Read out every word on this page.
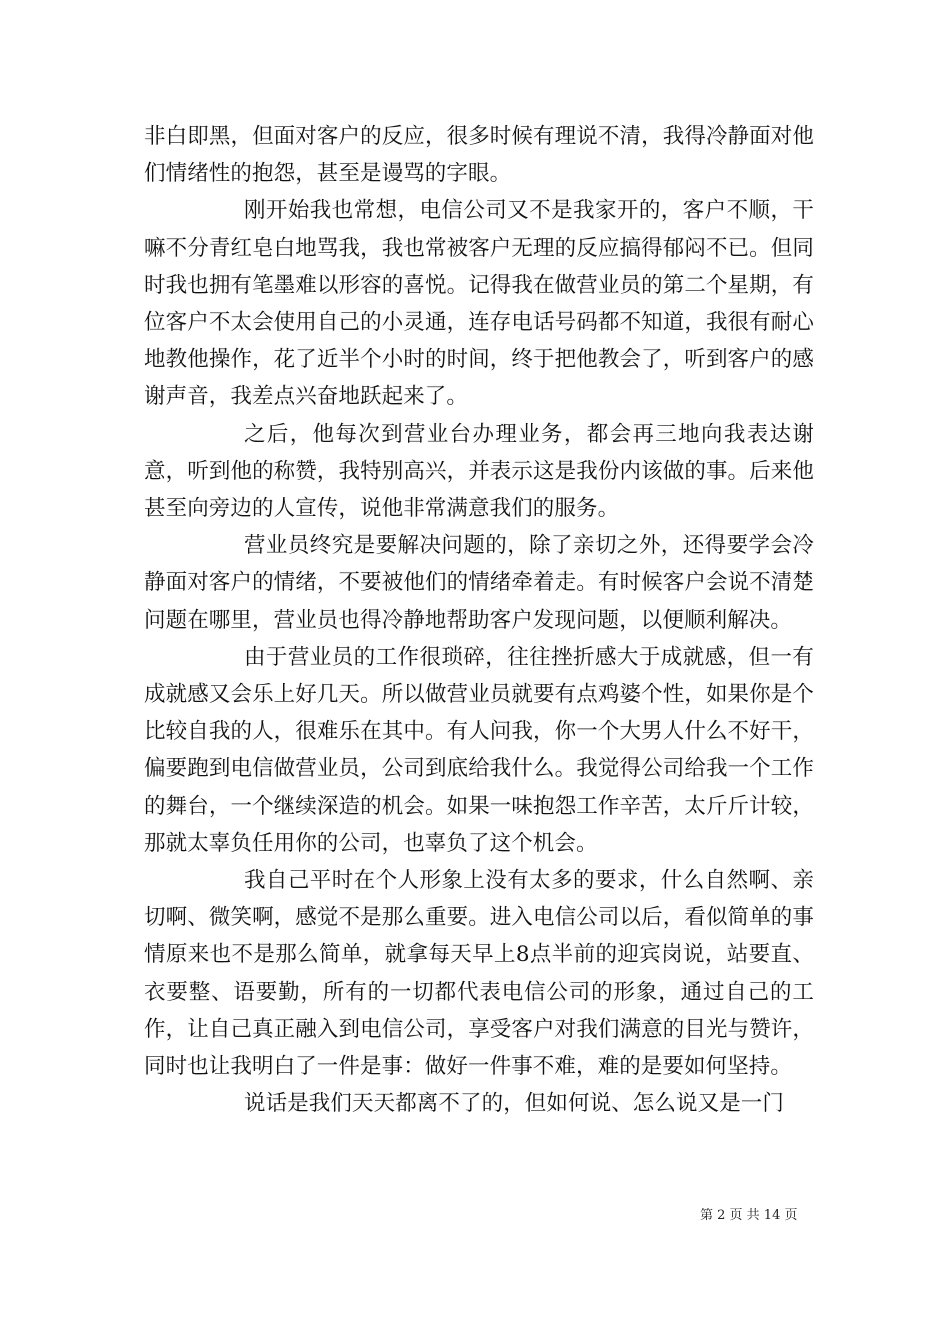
非白即黑，但面对客户的反应，很多时候有理说不清，我得冷静面对他们情绪性的抱怨，甚至是谩骂的字眼。

刚开始我也常想，电信公司又不是我家开的，客户不顺，干嘛不分青红皂白地骂我，我也常被客户无理的反应搞得郁闷不已。但同时我也拥有笔墨难以形容的喜悦。记得我在做营业员的第二个星期，有位客户不太会使用自己的小灵通，连存电话号码都不知道，我很有耐心地教他操作，花了近半个小时的时间，终于把他教会了，听到客户的感谢声音，我差点兴奋地跃起来了。

之后，他每次到营业台办理业务，都会再三地向我表达谢意，听到他的称赞，我特别高兴，并表示这是我份内该做的事。后来他甚至向旁边的人宣传，说他非常满意我们的服务。

营业员终究是要解决问题的，除了亲切之外，还得要学会冷静面对客户的情绪，不要被他们的情绪牵着走。有时候客户会说不清楚问题在哪里，营业员也得冷静地帮助客户发现问题，以便顺利解决。

由于营业员的工作很琐碎，往往挫折感大于成就感，但一有成就感又会乐上好几天。所以做营业员就要有点鸡婆个性，如果你是个比较自我的人，很难乐在其中。有人问我，你一个大男人什么不好干，偏要跑到电信做营业员，公司到底给我什么。我觉得公司给我一个工作的舞台，一个继续深造的机会。如果一味抱怨工作辛苦，太斤斤计较，那就太辜负任用你的公司，也辜负了这个机会。

我自己平时在个人形象上没有太多的要求，什么自然啊、亲切啊、微笑啊，感觉不是那么重要。进入电信公司以后，看似简单的事情原来也不是那么简单，就拿每天早上8点半前的迎宾岗说，站要直、衣要整、语要勤，所有的一切都代表电信公司的形象，通过自己的工作，让自己真正融入到电信公司，享受客户对我们满意的目光与赞许，同时也让我明白了一件是事：做好一件事不难，难的是要如何坚持。

说话是我们天天都离不了的，但如何说、怎么说又是一门

第 2 页 共 14 页
